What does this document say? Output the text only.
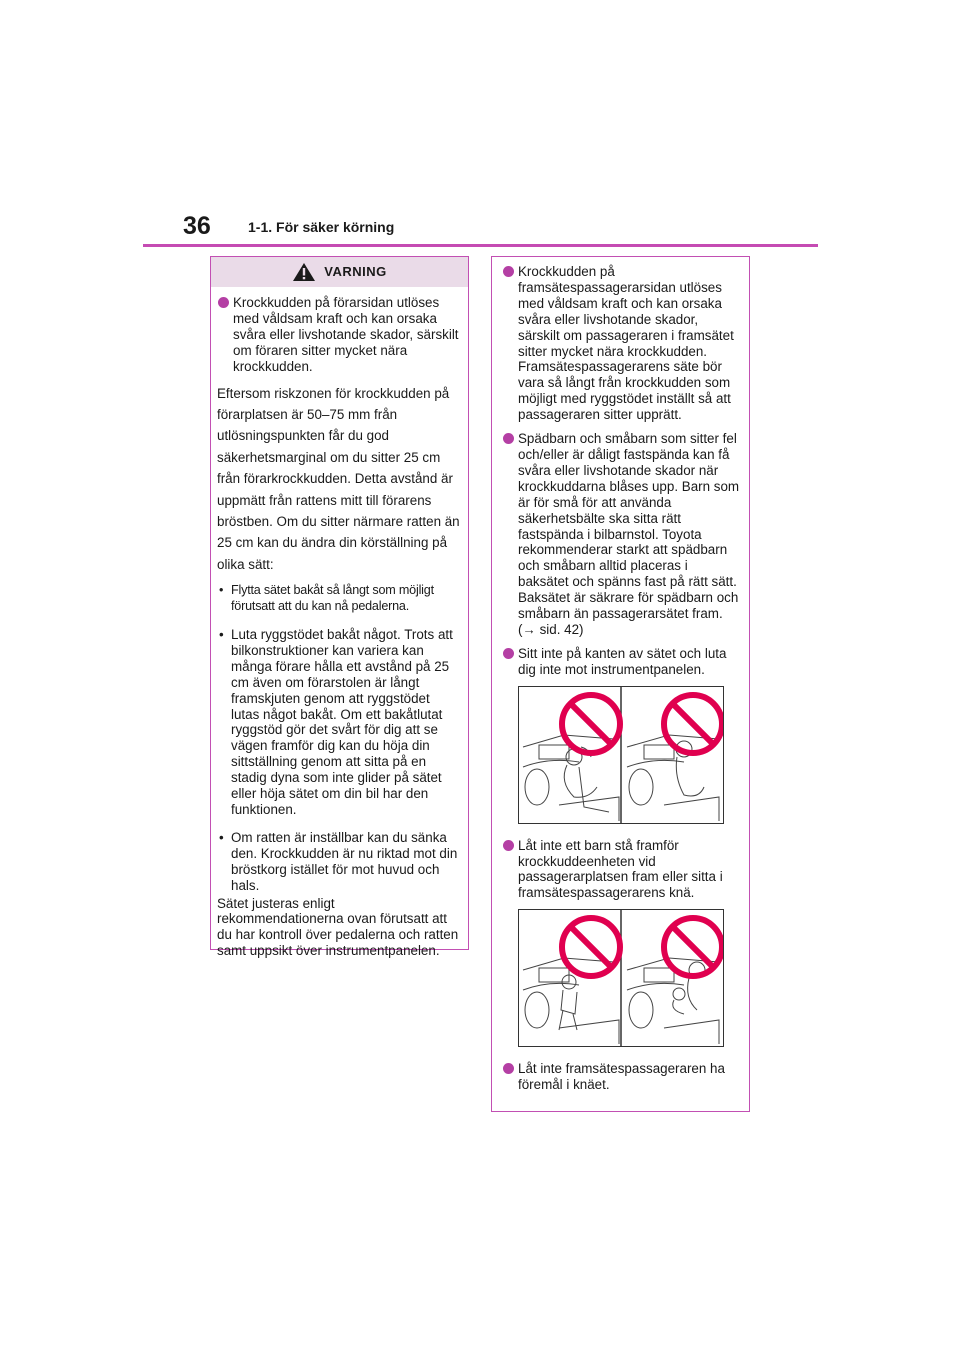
36	1-1. För säker körning
VARNING
Krockkudden på förarsidan utlöses med våldsam kraft och kan orsaka svåra eller livshotande skador, särskilt om föraren sitter mycket nära krockkudden.
Eftersom riskzonen för krockkudden på förarplatsen är 50–75 mm från utlösningspunkten får du god säkerhetsmarginal om du sitter 25 cm från förarkrockkudden. Detta avstånd är uppmätt från rattens mitt till förarens bröstben. Om du sitter närmare ratten än 25 cm kan du ändra din körställning på olika sätt:
• Flytta sätet bakåt så långt som möjligt förutsatt att du kan nå pedalerna.
• Luta ryggstödet bakåt något. Trots att bilkonstruktioner kan variera kan många förare hålla ett avstånd på 25 cm även om förarstolen är långt framskjuten genom att ryggstödet lutas något bakåt. Om ett bakåtlutat ryggstöd gör det svårt för dig att se vägen framför dig kan du höja din sittställning genom att sitta på en stadig dyna som inte glider på sätet eller höja sätet om din bil har den funktionen.
• Om ratten är inställbar kan du sänka den. Krockkudden är nu riktad mot din bröstkorg istället för mot huvud och hals.
Sätet justeras enligt rekommendationerna ovan förutsatt att du har kontroll över pedalerna och ratten samt uppsikt över instrumentpanelen.
Krockkudden på framsätespassagerarsidan utlöses med våldsam kraft och kan orsaka svåra eller livshotande skador, särskilt om passageraren i framsätet sitter mycket nära krockkudden. Framsätespassagerarens säte bör vara så långt från krockkudden som möjligt med ryggstödet inställt så att passageraren sitter upprätt.
Spädbarn och småbarn som sitter fel och/eller är dåligt fastspända kan få svåra eller livshotande skador när krockkuddarna blåses upp. Barn som är för små för att använda säkerhetsbälte ska sitta rätt fastspända i bilbarnstol. Toyota rekommenderar starkt att spädbarn och småbarn alltid placeras i baksätet och spänns fast på rätt sätt. Baksätet är säkrare för spädbarn och småbarn än passagerarsätet fram. (→ sid. 42)
Sitt inte på kanten av sätet och luta dig inte mot instrumentpanelen.
Låt inte ett barn stå framför krockkuddeenheten vid passagerarplatsen fram eller sitta i framsätespassagerarens knä.
Låt inte framsätespassageraren ha föremål i knäet.
